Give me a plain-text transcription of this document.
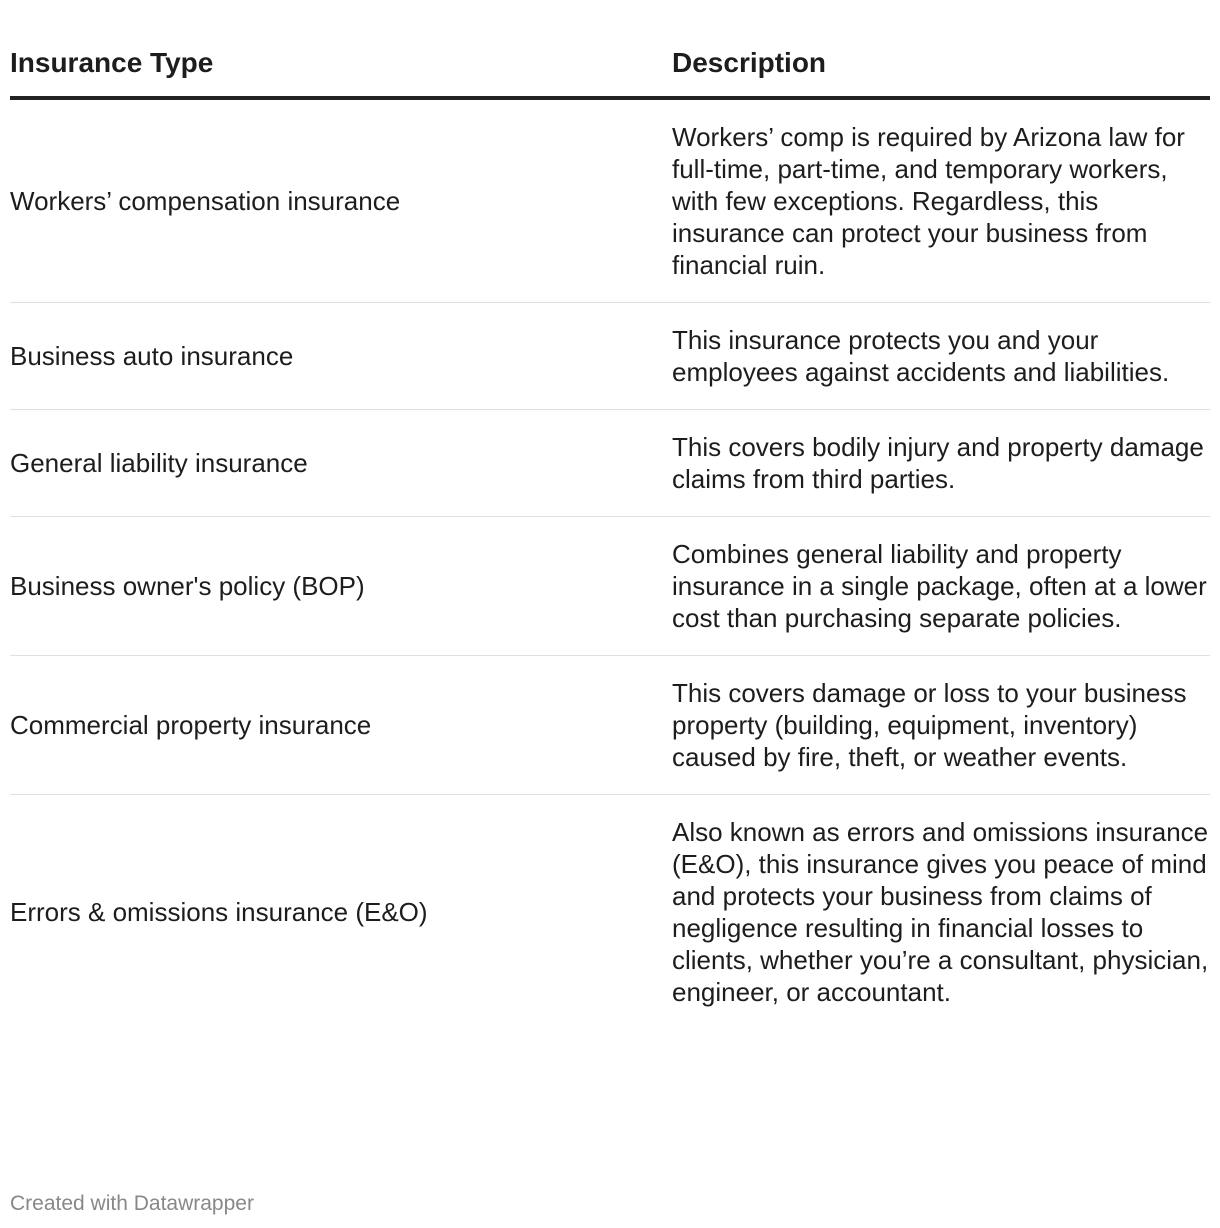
Insurance Type	Description
Workers’ compensation insurance	Workers’ comp is required by Arizona law for full-time, part-time, and temporary workers, with few exceptions. Regardless, this insurance can protect your business from financial ruin.
Business auto insurance	This insurance protects you and your employees against accidents and liabilities.
General liability insurance	This covers bodily injury and property damage claims from third parties.
Business owner's policy (BOP)	Combines general liability and property insurance in a single package, often at a lower cost than purchasing separate policies.
Commercial property insurance	This covers damage or loss to your business property (building, equipment, inventory) caused by fire, theft, or weather events.
Errors & omissions insurance (E&O)	Also known as errors and omissions insurance (E&O), this insurance gives you peace of mind and protects your business from claims of negligence resulting in financial losses to clients, whether you’re a consultant, physician, engineer, or accountant.
Created with Datawrapper
